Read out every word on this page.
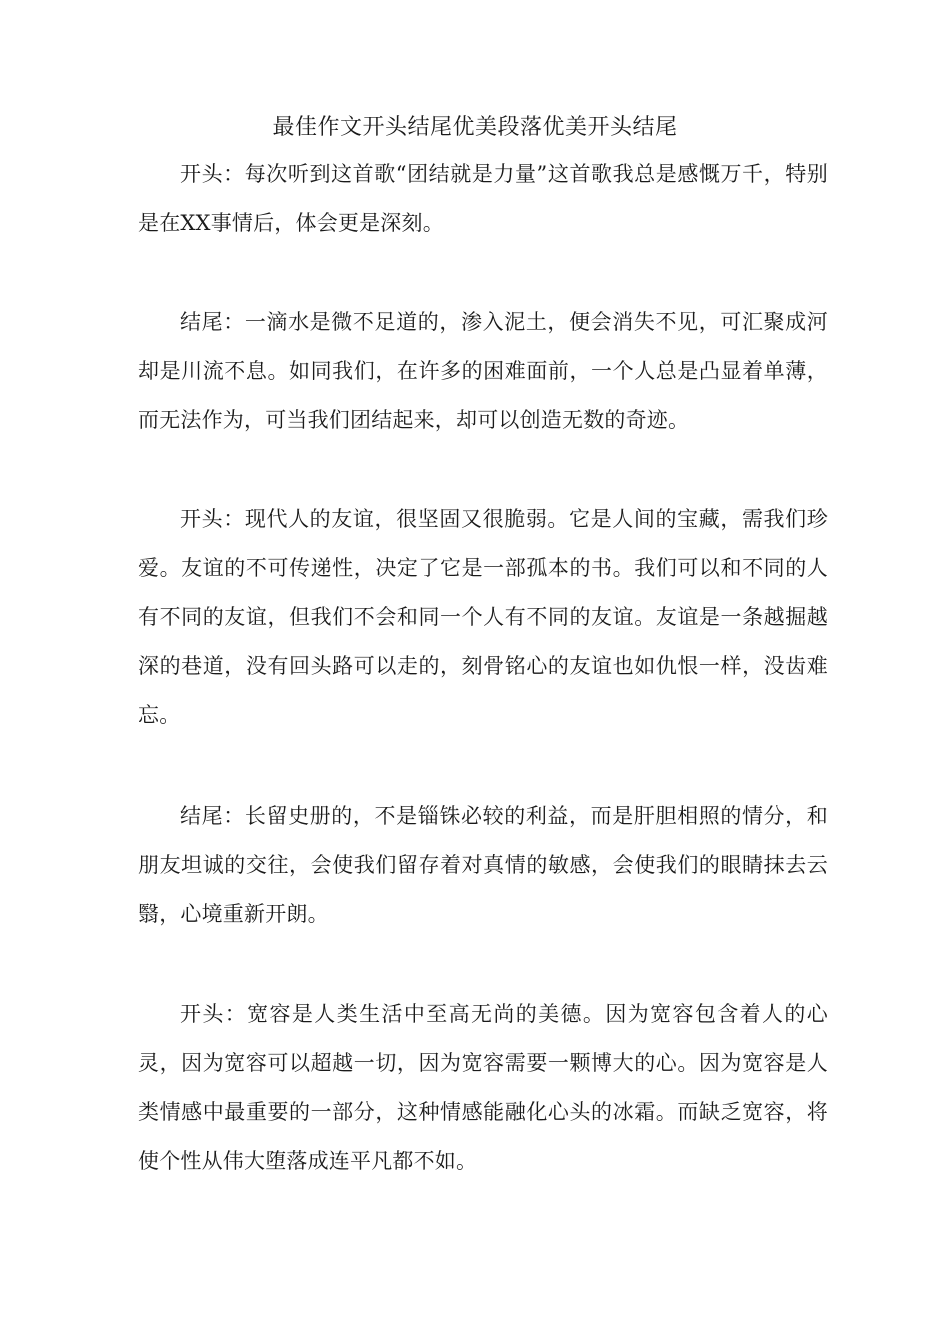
最佳作文开头结尾优美段落优美开头结尾

开头：每次听到这首歌“团结就是力量”这首歌我总是感慨万千，特别是在XX事情后，体会更是深刻。

结尾：一滴水是微不足道的，渗入泥土，便会消失不见，可汇聚成河却是川流不息。如同我们，在许多的困难面前，一个人总是凸显着单薄，而无法作为，可当我们团结起来，却可以创造无数的奇迹。

开头：现代人的友谊，很坚固又很脆弱。它是人间的宝藏，需我们珍爱。友谊的不可传递性，决定了它是一部孤本的书。我们可以和不同的人有不同的友谊，但我们不会和同一个人有不同的友谊。友谊是一条越掘越深的巷道，没有回头路可以走的，刻骨铭心的友谊也如仇恨一样，没齿难忘。

结尾：长留史册的，不是锱铢必较的利益，而是肝胆相照的情分，和朋友坦诚的交往，会使我们留存着对真情的敏感，会使我们的眼睛抹去云翳，心境重新开朗。

开头：宽容是人类生活中至高无尚的美德。因为宽容包含着人的心灵，因为宽容可以超越一切，因为宽容需要一颗博大的心。因为宽容是人类情感中最重要的一部分，这种情感能融化心头的冰霜。而缺乏宽容，将使个性从伟大堕落成连平凡都不如。
